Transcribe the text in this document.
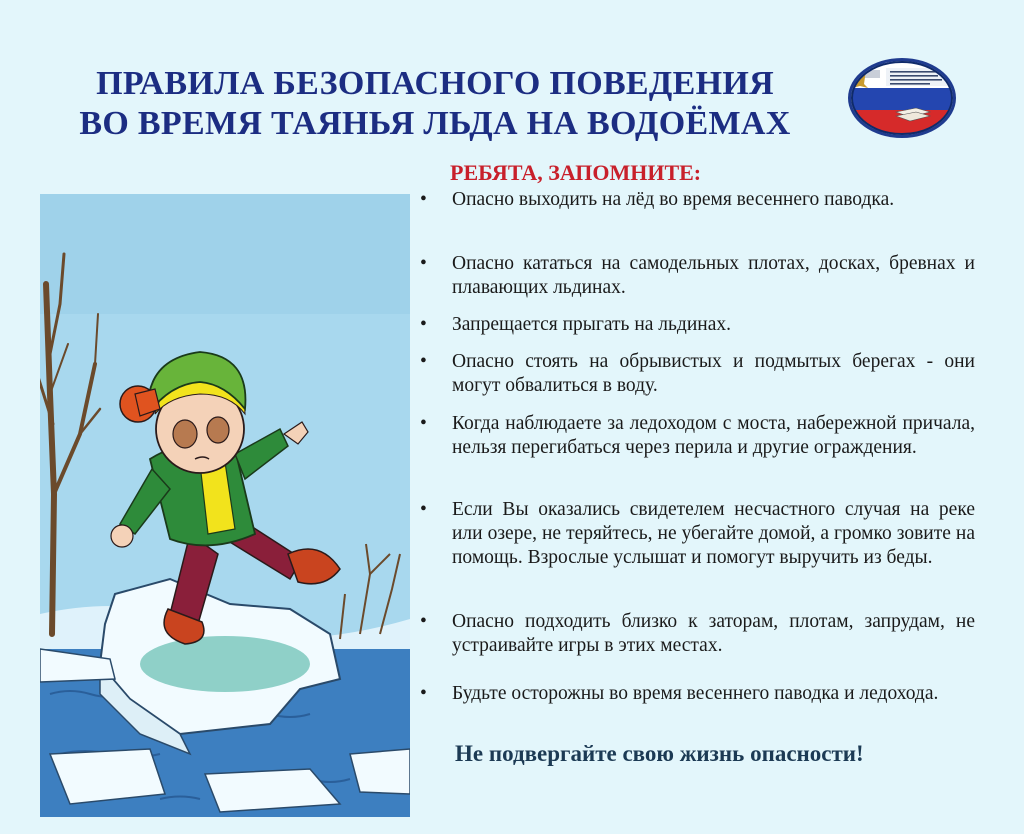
ПРАВИЛА БЕЗОПАСНОГО ПОВЕДЕНИЯ
ВО ВРЕМЯ ТАЯНЬЯ ЛЬДА НА ВОДОЁМАХ
РЕБЯТА, ЗАПОМНИТЕ:
•	Опасно выходить на лёд во время весеннего паводка.
•	Опасно кататься на самодельных плотах, досках, бревнах и плавающих льдинах.
•	Запрещается прыгать на льдинах.
•	Опасно стоять на обрывистых и подмытых берегах - они могут обвалиться в воду.
•	Когда наблюдаете за ледоходом с моста, набережной причала, нельзя перегибаться через перила и другие ограждения.
•	Если Вы оказались свидетелем несчастного случая на реке или озере, не теряйтесь, не убегайте домой, а громко зовите на помощь. Взрослые услышат и помогут выручить из беды.
•	Опасно подходить близко к заторам, плотам, запрудам, не устраивайте игры в этих местах.
•	Будьте осторожны во время весеннего паводка и ледохода.
Не подвергайте свою жизнь опасности!
